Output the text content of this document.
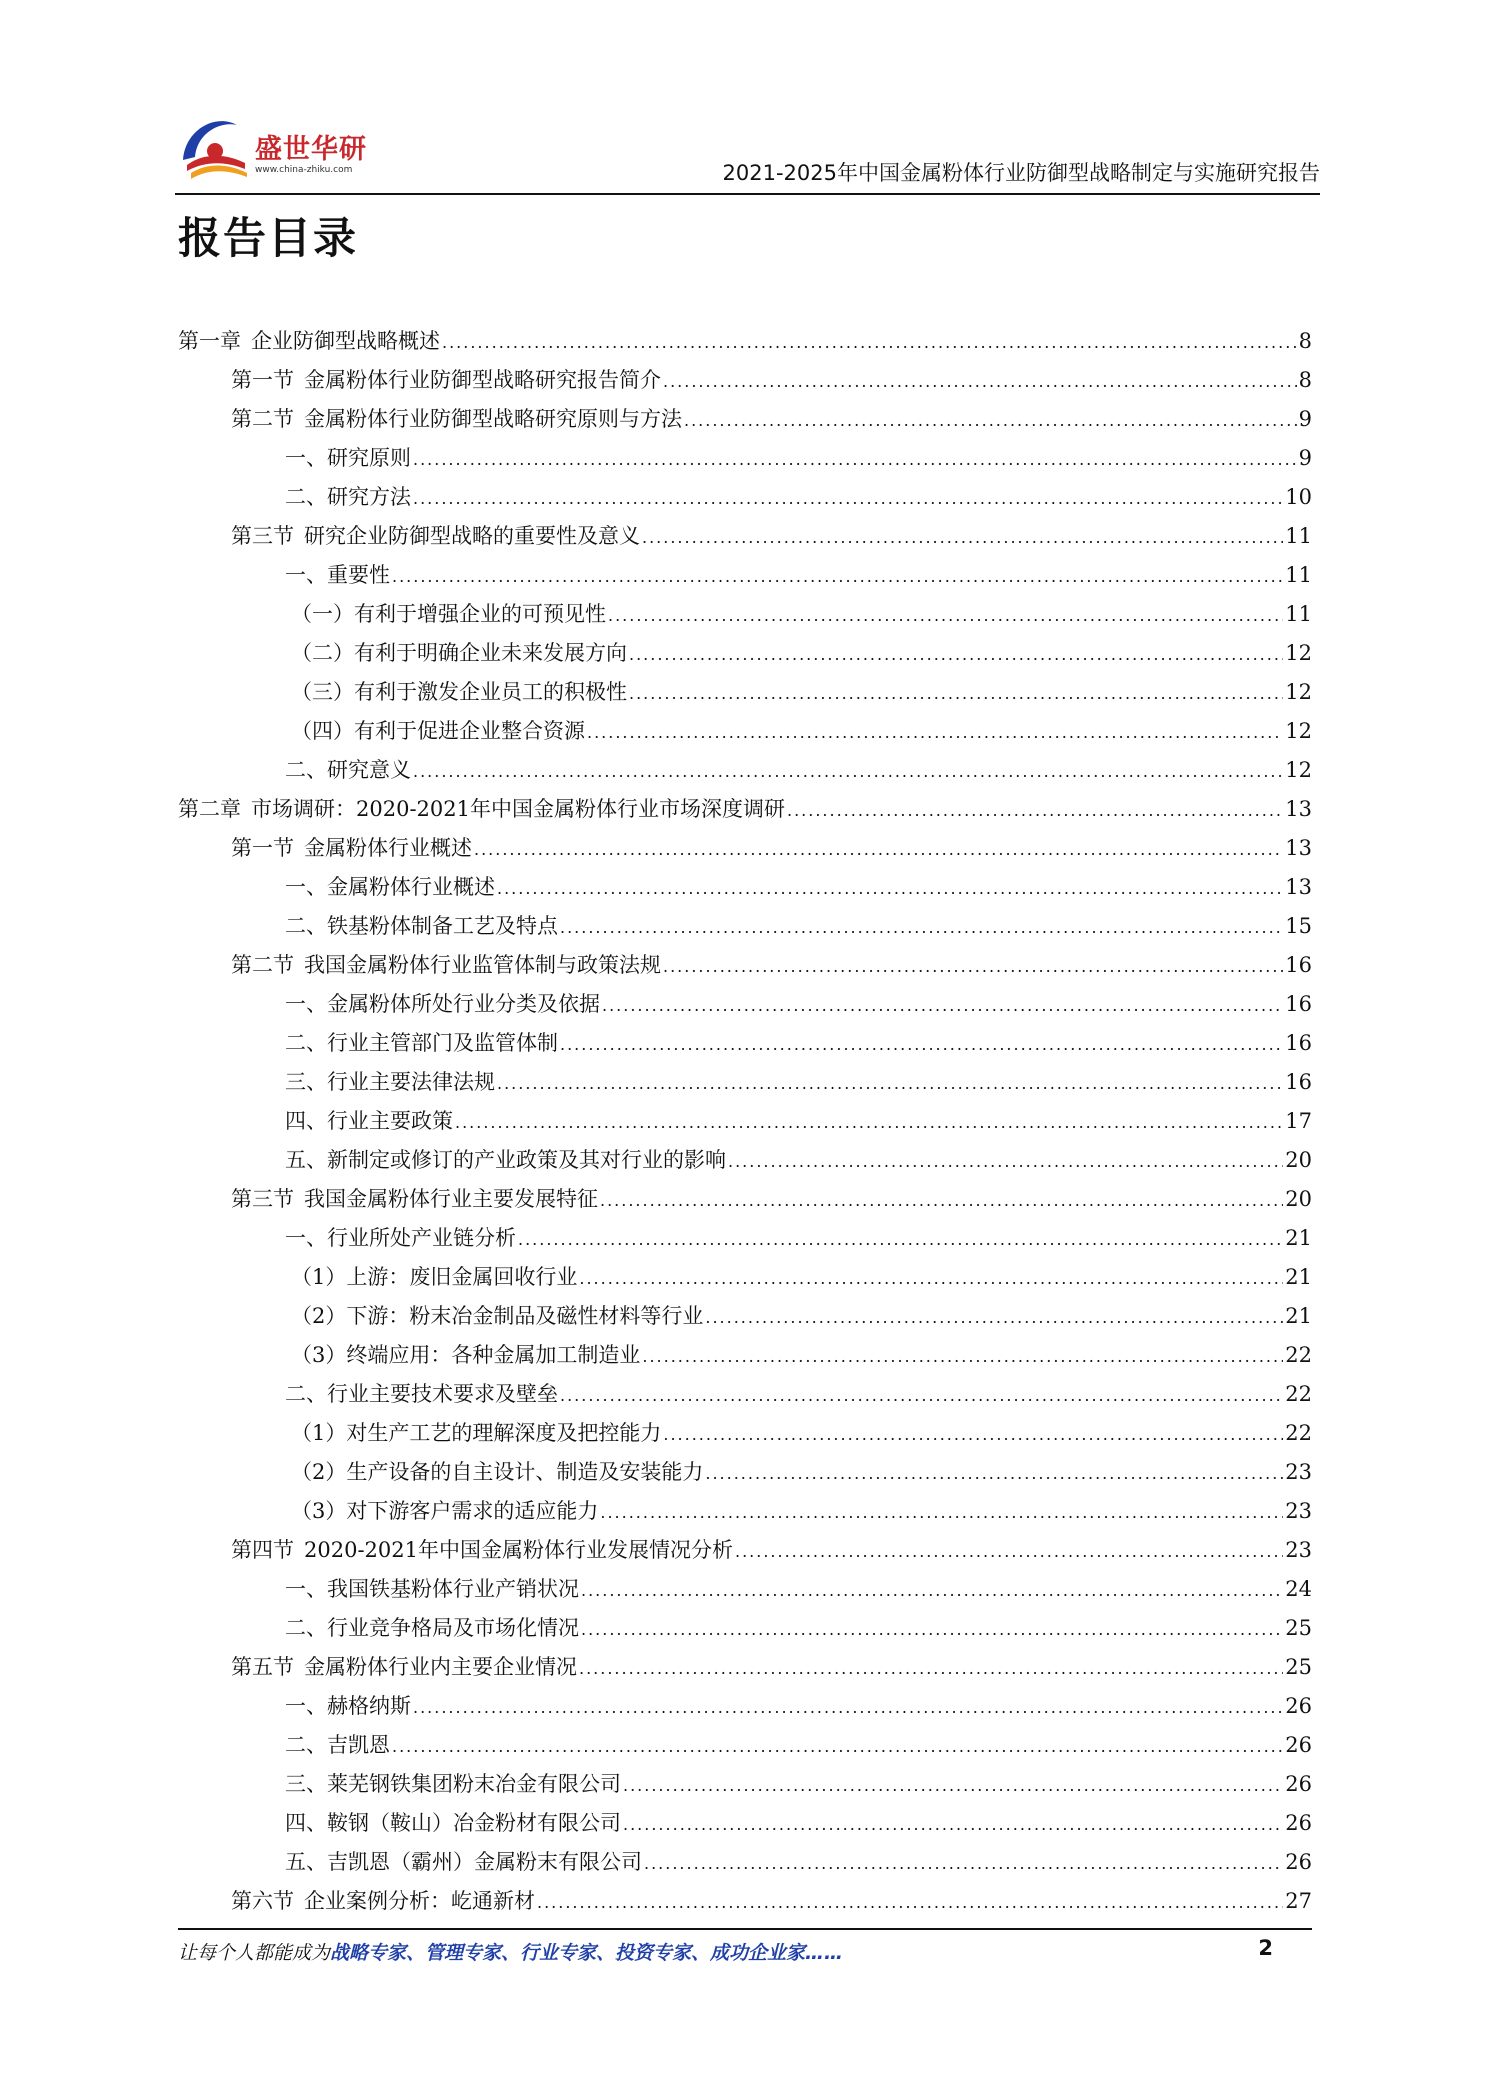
盛世华研
www.china-zhiku.com	2021-2025年中国金属粉体行业防御型战略制定与实施研究报告
报告目录
第一章 企业防御型战略概述 .....	8
第一节 金属粉体行业防御型战略研究报告简介 .....	8
第二节 金属粉体行业防御型战略研究原则与方法 .....	9
一、研究原则 .....	9
二、研究方法 .....	10
第三节 研究企业防御型战略的重要性及意义 .....	11
一、重要性 .....	11
（一）有利于增强企业的可预见性 .....	11
（二）有利于明确企业未来发展方向 .....	12
（三）有利于激发企业员工的积极性 .....	12
（四）有利于促进企业整合资源 .....	12
二、研究意义 .....	12
第二章 市场调研：2020-2021年中国金属粉体行业市场深度调研 .....	13
第一节 金属粉体行业概述 .....	13
一、金属粉体行业概述 .....	13
二、铁基粉体制备工艺及特点 .....	15
第二节 我国金属粉体行业监管体制与政策法规 .....	16
一、金属粉体所处行业分类及依据 .....	16
二、行业主管部门及监管体制 .....	16
三、行业主要法律法规 .....	16
四、行业主要政策 .....	17
五、新制定或修订的产业政策及其对行业的影响 .....	20
第三节 我国金属粉体行业主要发展特征 .....	20
一、行业所处产业链分析 .....	21
（1）上游：废旧金属回收行业 .....	21
（2）下游：粉末冶金制品及磁性材料等行业 .....	21
（3）终端应用：各种金属加工制造业 .....	22
二、行业主要技术要求及壁垒 .....	22
（1）对生产工艺的理解深度及把控能力 .....	22
（2）生产设备的自主设计、制造及安装能力 .....	23
（3）对下游客户需求的适应能力 .....	23
第四节 2020-2021年中国金属粉体行业发展情况分析 .....	23
一、我国铁基粉体行业产销状况 .....	24
二、行业竞争格局及市场化情况 .....	25
第五节 金属粉体行业内主要企业情况 .....	25
一、赫格纳斯 .....	26
二、吉凯恩 .....	26
三、莱芜钢铁集团粉末冶金有限公司 .....	26
四、鞍钢（鞍山）冶金粉材有限公司 .....	26
五、吉凯恩（霸州）金属粉末有限公司 .....	26
第六节 企业案例分析：屹通新材 .....	27
让每个人都能成为战略专家、管理专家、行业专家、投资专家、成功企业家……	2
